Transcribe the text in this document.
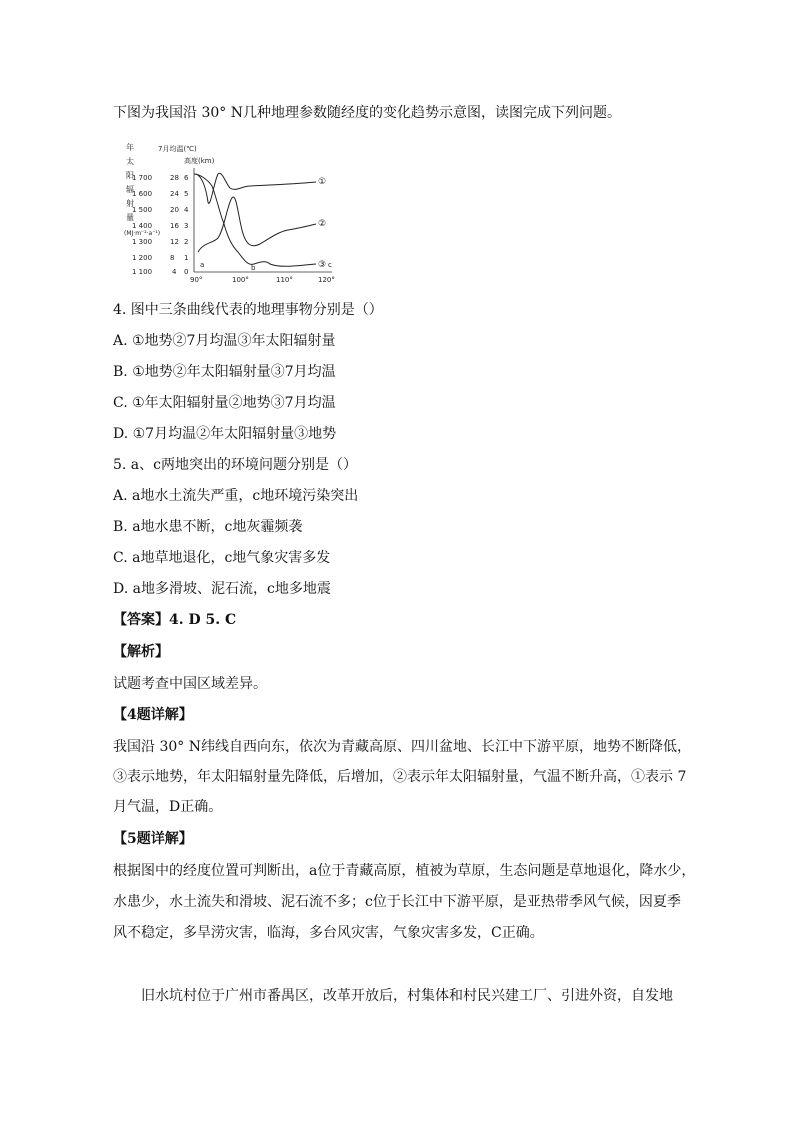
下图为我国沿 30° N几种地理参数随经度的变化趋势示意图，读图完成下列问题。
年
太
阳
辐
射
量
(MJ·m⁻²·a⁻¹)
1 700
1 600
1 500
1 400
1 300
1 200
1 100
7月均温(℃)
28
24
20
16
12
8
4
高度(km)
6
5
4
3
2
1
0
90°	100°	110°	120°
①
②
③
a	b	c
4. 图中三条曲线代表的地理事物分别是（）
A. ①地势②7月均温③年太阳辐射量
B. ①地势②年太阳辐射量③7月均温
C. ①年太阳辐射量②地势③7月均温
D. ①7月均温②年太阳辐射量③地势
5. a、c两地突出的环境问题分别是（）
A. a地水土流失严重，c地环境污染突出
B. a地水患不断，c地灰霾频袭
C. a地草地退化，c地气象灾害多发
D. a地多滑坡、泥石流，c地多地震
【答案】4. D 5. C
【解析】
试题考查中国区域差异。
【4题详解】
我国沿 30° N纬线自西向东，依次为青藏高原、四川盆地、长江中下游平原，地势不断降低，
③表示地势，年太阳辐射量先降低，后增加，②表示年太阳辐射量，气温不断升高，①表示 7
月气温，D正确。
【5题详解】
根据图中的经度位置可判断出，a位于青藏高原，植被为草原，生态问题是草地退化，降水少，
水患少，水土流失和滑坡、泥石流不多；c位于长江中下游平原，是亚热带季风气候，因夏季
风不稳定，多旱涝灾害，临海，多台风灾害，气象灾害多发，C正确。
旧水坑村位于广州市番禺区，改革开放后，村集体和村民兴建工厂、引进外资，自发地
